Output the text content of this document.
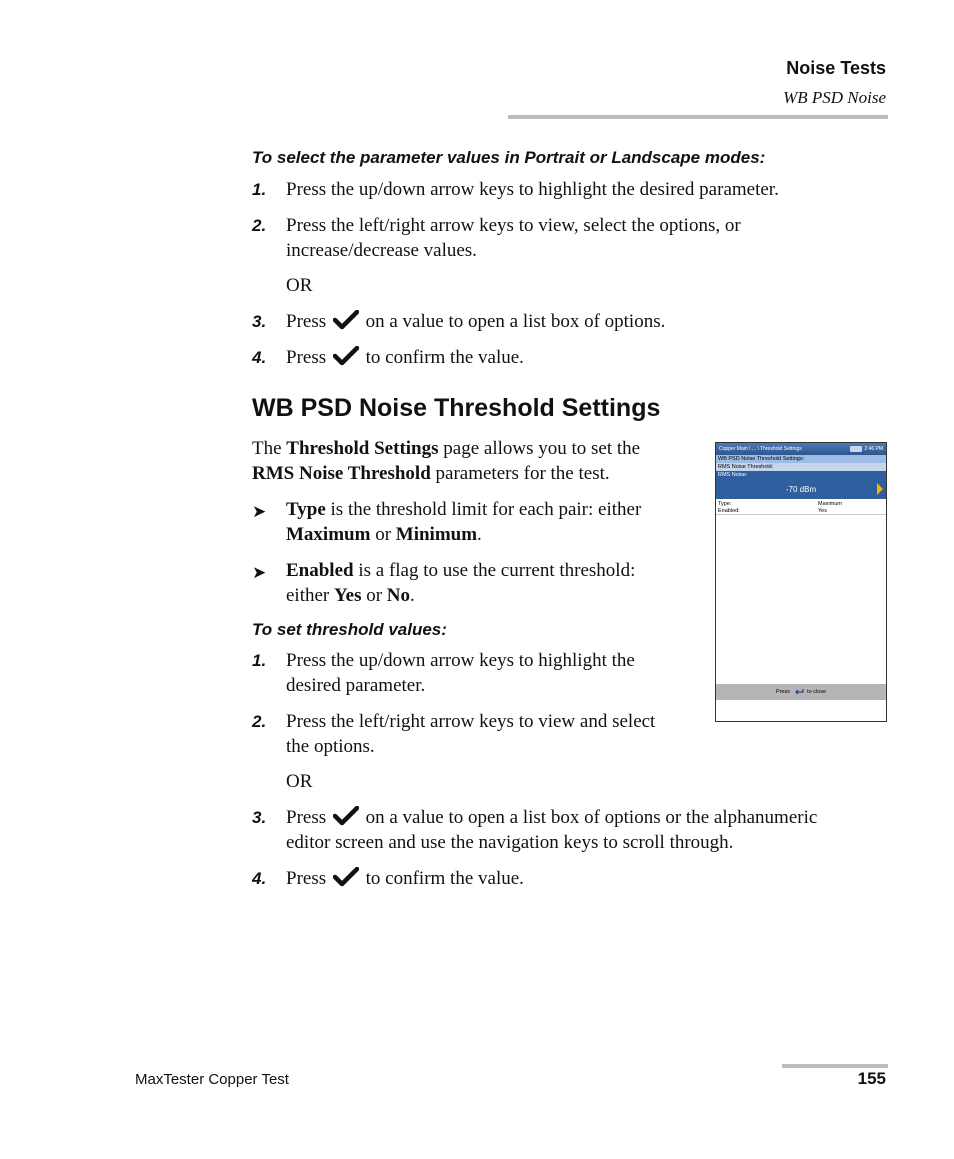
Noise Tests
WB PSD Noise
To select the parameter values in Portrait or Landscape modes:
1. Press the up/down arrow keys to highlight the desired parameter.
2. Press the left/right arrow keys to view, select the options, or
increase/decrease values.
OR
3. Press on a value to open a list box of options.
4. Press to confirm the value.
WB PSD Noise Threshold Settings
The Threshold Settings page allows you to set the
RMS Noise Threshold parameters for the test.
➤ Type is the threshold limit for each pair: either
Maximum or Minimum.
➤ Enabled is a flag to use the current threshold:
either Yes or No.
To set threshold values:
1. Press the up/down arrow keys to highlight the
desired parameter.
2. Press the left/right arrow keys to view and select
the options.
OR
3. Press on a value to open a list box of options or the alphanumeric
editor screen and use the navigation keys to scroll through.
4. Press to confirm the value.
Copper Main \ ... \ Threshold Settings	2:46 PM
WB PSD Noise Threshold Settings:
RMS Noise Threshold:
RMS Noise:
-70 dBm
Type:	Maximum
Enabled:	Yes
Press	to close
MaxTester Copper Test	155
